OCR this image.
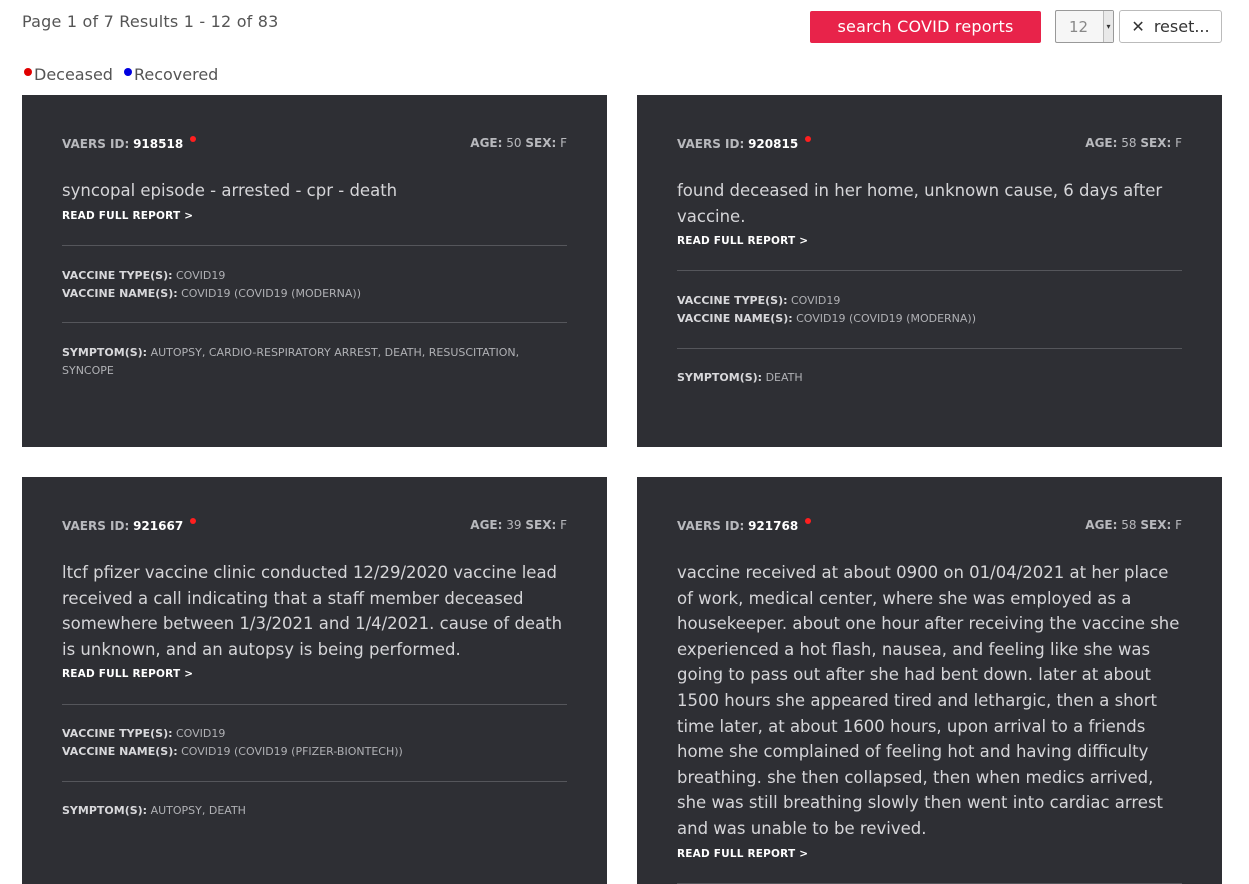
Page 1 of 7 Results 1 - 12 of 83	search COVID reports	12	▾ ✕ reset...
Deceased Recovered
VAERS ID: 918518	AGE: 50 SEX: F
syncopal episode - arrested - cpr - death
READ FULL REPORT >
VACCINE TYPE(S): COVID19
VACCINE NAME(S): COVID19 (COVID19 (MODERNA))
SYMPTOM(S): AUTOPSY, CARDIO-RESPIRATORY ARREST, DEATH, RESUSCITATION, SYNCOPE
VAERS ID: 920815	AGE: 58 SEX: F
found deceased in her home, unknown cause, 6 days after vaccine.
READ FULL REPORT >
VACCINE TYPE(S): COVID19
VACCINE NAME(S): COVID19 (COVID19 (MODERNA))
SYMPTOM(S): DEATH
VAERS ID: 921667	AGE: 39 SEX: F
ltcf pfizer vaccine clinic conducted 12/29/2020 vaccine lead received a call indicating that a staff member deceased somewhere between 1/3/2021 and 1/4/2021. cause of death is unknown, and an autopsy is being performed.
READ FULL REPORT >
VACCINE TYPE(S): COVID19
VACCINE NAME(S): COVID19 (COVID19 (PFIZER-BIONTECH))
SYMPTOM(S): AUTOPSY, DEATH
VAERS ID: 921768	AGE: 58 SEX: F
vaccine received at about 0900 on 01/04/2021 at her place of work, medical center, where she was employed as a housekeeper. about one hour after receiving the vaccine she experienced a hot flash, nausea, and feeling like she was going to pass out after she had bent down. later at about 1500 hours she appeared tired and lethargic, then a short time later, at about 1600 hours, upon arrival to a friends home she complained of feeling hot and having difficulty breathing. she then collapsed, then when medics arrived, she was still breathing slowly then went into cardiac arrest and was unable to be revived.
READ FULL REPORT >
